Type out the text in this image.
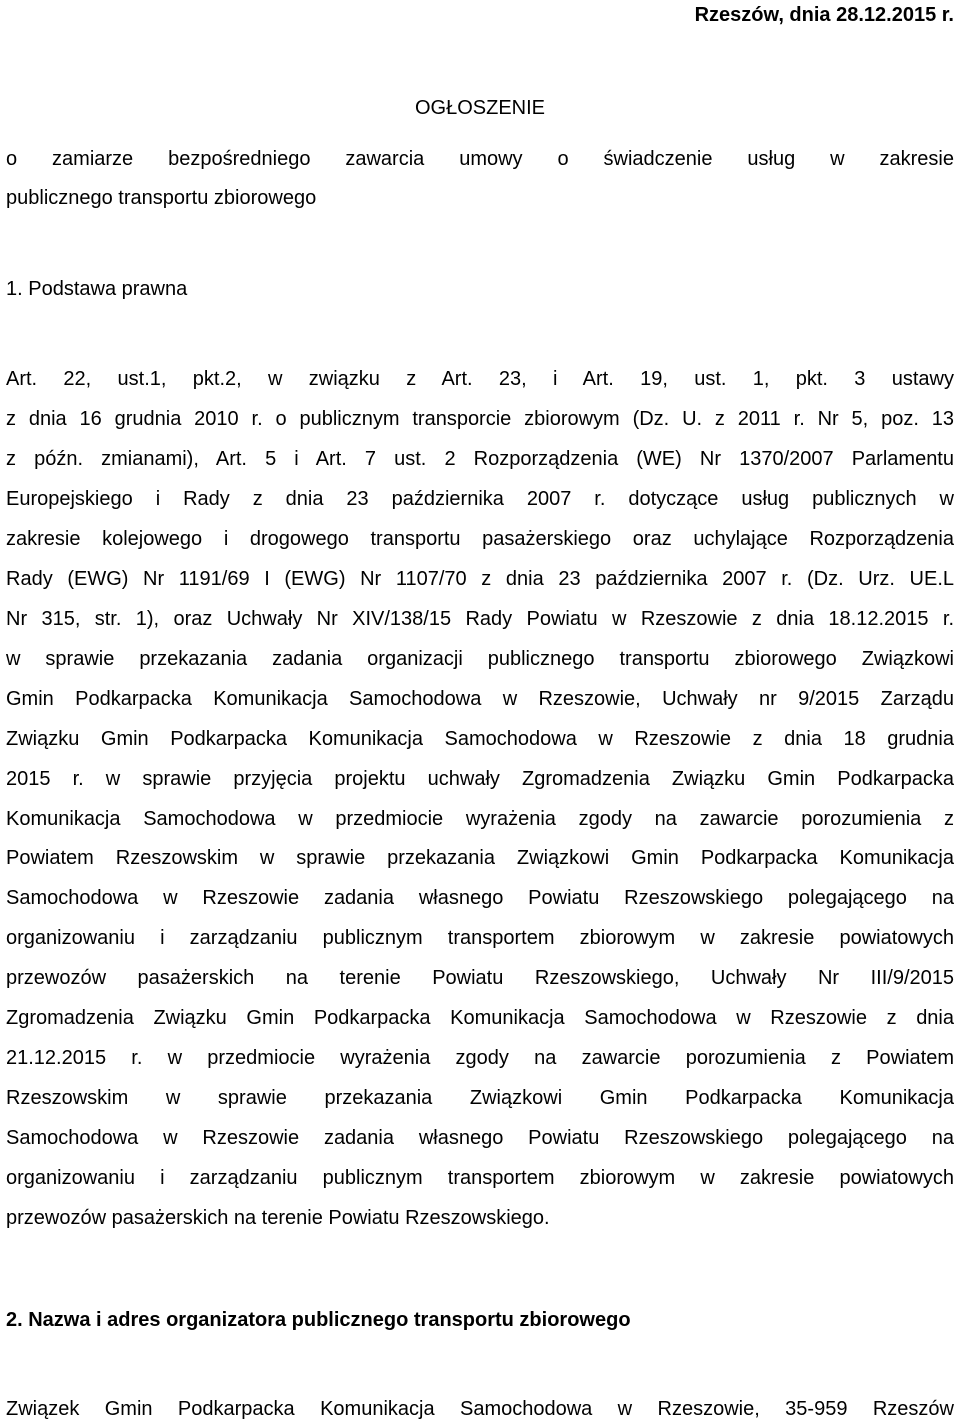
Rzeszów, dnia 28.12.2015 r.
OGŁOSZENIE
o zamiarze bezpośredniego zawarcia umowy o świadczenie usług w zakresie
publicznego transportu zbiorowego
1. Podstawa prawna
Art. 22, ust.1, pkt.2, w związku z Art. 23, i Art. 19, ust. 1, pkt. 3 ustawy
z dnia 16 grudnia 2010 r. o publicznym transporcie zbiorowym (Dz. U. z 2011 r. Nr 5, poz. 13
z późn. zmianami), Art. 5 i Art. 7 ust. 2 Rozporządzenia (WE) Nr 1370/2007 Parlamentu
Europejskiego i Rady z dnia 23 października 2007 r. dotyczące usług publicznych w
zakresie kolejowego i drogowego transportu pasażerskiego oraz uchylające Rozporządzenia
Rady (EWG) Nr 1191/69 I (EWG) Nr 1107/70 z dnia 23 października 2007 r. (Dz. Urz. UE.L
Nr 315, str. 1), oraz Uchwały Nr XIV/138/15 Rady Powiatu w Rzeszowie z dnia 18.12.2015 r.
w sprawie przekazania zadania organizacji publicznego transportu zbiorowego Związkowi
Gmin Podkarpacka Komunikacja Samochodowa w Rzeszowie, Uchwały nr 9/2015 Zarządu
Związku Gmin Podkarpacka Komunikacja Samochodowa w Rzeszowie z dnia 18 grudnia
2015 r. w sprawie przyjęcia projektu uchwały Zgromadzenia Związku Gmin Podkarpacka
Komunikacja Samochodowa w przedmiocie wyrażenia zgody na zawarcie porozumienia z
Powiatem Rzeszowskim w sprawie przekazania Związkowi Gmin Podkarpacka Komunikacja
Samochodowa w Rzeszowie zadania własnego Powiatu Rzeszowskiego polegającego na
organizowaniu i zarządzaniu publicznym transportem zbiorowym w zakresie powiatowych
przewozów pasażerskich na terenie Powiatu Rzeszowskiego, Uchwały Nr III/9/2015
Zgromadzenia Związku Gmin Podkarpacka Komunikacja Samochodowa w Rzeszowie z dnia
21.12.2015 r. w przedmiocie wyrażenia zgody na zawarcie porozumienia z Powiatem
Rzeszowskim w sprawie przekazania Związkowi Gmin Podkarpacka Komunikacja
Samochodowa w Rzeszowie zadania własnego Powiatu Rzeszowskiego polegającego na
organizowaniu i zarządzaniu publicznym transportem zbiorowym w zakresie powiatowych
przewozów pasażerskich na terenie Powiatu Rzeszowskiego.
2. Nazwa i adres organizatora publicznego transportu zbiorowego
Związek Gmin Podkarpacka Komunikacja Samochodowa w Rzeszowie, 35-959 Rzeszów
